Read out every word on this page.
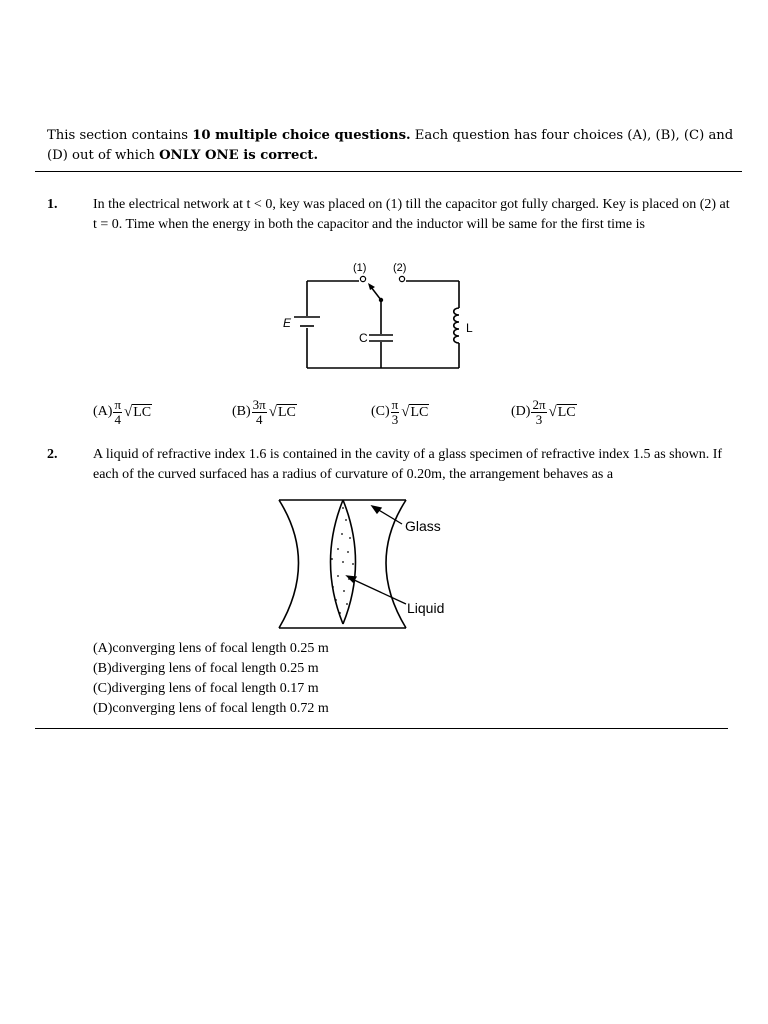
This section contains 10 multiple choice questions. Each question has four choices (A), (B), (C) and (D) out of which ONLY ONE is correct.
1.	In the electrical network at t < 0, key was placed on (1) till the capacitor got fully charged. Key is placed on (2) at t = 0. Time when the energy in both the capacitor and the inductor will be same for the first time is
(1) (2)
E
C
L
$(A) \frac{\pi}{4}$ √ LC	$(B) \frac{3\pi}{4}$ √ LC	$(C) \frac{\pi}{3}$ √ LC	$(D) \frac{2\pi}{3}$ √ LC
2.	A liquid of refractive index 1.6 is contained in the cavity of a glass specimen of refractive index 1.5 as shown. If each of the curved surfaced has a radius of curvature of 0.20m, the arrangement behaves as a
Glass
Liquid
(A)converging lens of focal length 0.25 m
(B)diverging lens of focal length 0.25 m
(C)diverging lens of focal length 0.17 m
(D)converging lens of focal length 0.72 m
